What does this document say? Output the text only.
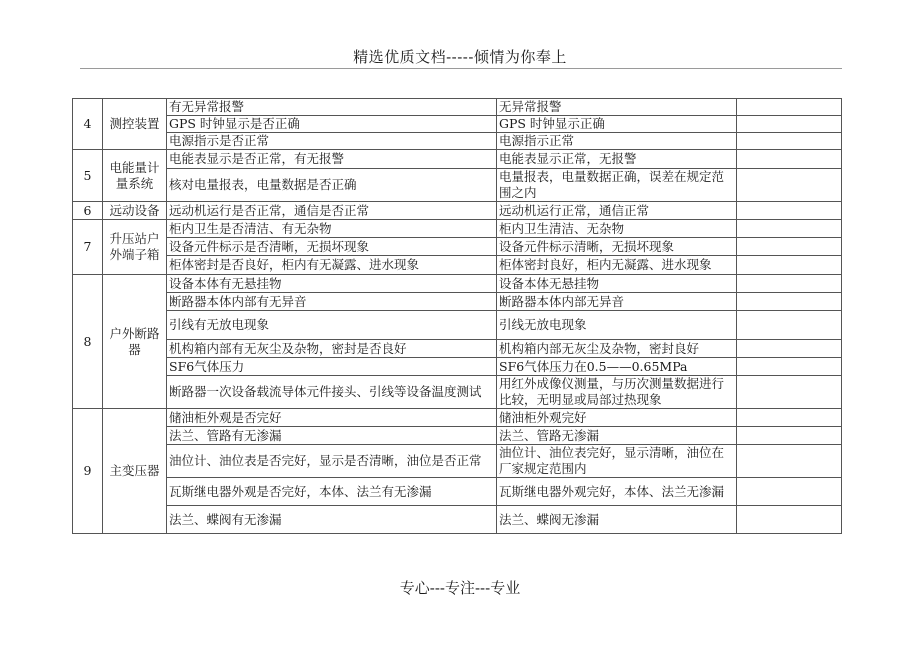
精选优质文档-----倾情为你奉上
4	测控装置	有无异常报警	无异常报警	
		GPS 时钟显示是否正确	GPS 时钟显示正确	
		电源指示是否正常	电源指示正常	
5	电能量计量系统	电能表显示是否正常，有无报警	电能表显示正常，无报警	
		核对电量报表，电量数据是否正确	电量报表，电量数据正确，误差在规定范围之内	
6	远动设备	远动机运行是否正常，通信是否正常	远动机运行正常，通信正常	
7	升压站户外端子箱	柜内卫生是否清洁、有无杂物	柜内卫生清洁、无杂物	
		设备元件标示是否清晰，无损坏现象	设备元件标示清晰，无损坏现象	
		柜体密封是否良好，柜内有无凝露、进水现象	柜体密封良好，柜内无凝露、进水现象	
8	户外断路器	设备本体有无悬挂物	设备本体无悬挂物	
		断路器本体内部有无异音	断路器本体内部无异音	
		引线有无放电现象	引线无放电现象	
		机构箱内部有无灰尘及杂物，密封是否良好	机构箱内部无灰尘及杂物，密封良好	
		SF6气体压力	SF6气体压力在0.5——0.65MPa	
		断路器一次设备载流导体元件接头、引线等设备温度测试	用红外成像仪测量，与历次测量数据进行比较，无明显或局部过热现象	
9	主变压器	储油柜外观是否完好	储油柜外观完好	
		法兰、管路有无渗漏	法兰、管路无渗漏	
		油位计、油位表是否完好，显示是否清晰，油位是否正常	油位计、油位表完好，显示清晰，油位在厂家规定范围内	
		瓦斯继电器外观是否完好，本体、法兰有无渗漏	瓦斯继电器外观完好，本体、法兰无渗漏	
		法兰、蝶阀有无渗漏	法兰、蝶阀无渗漏	
专心---专注---专业
